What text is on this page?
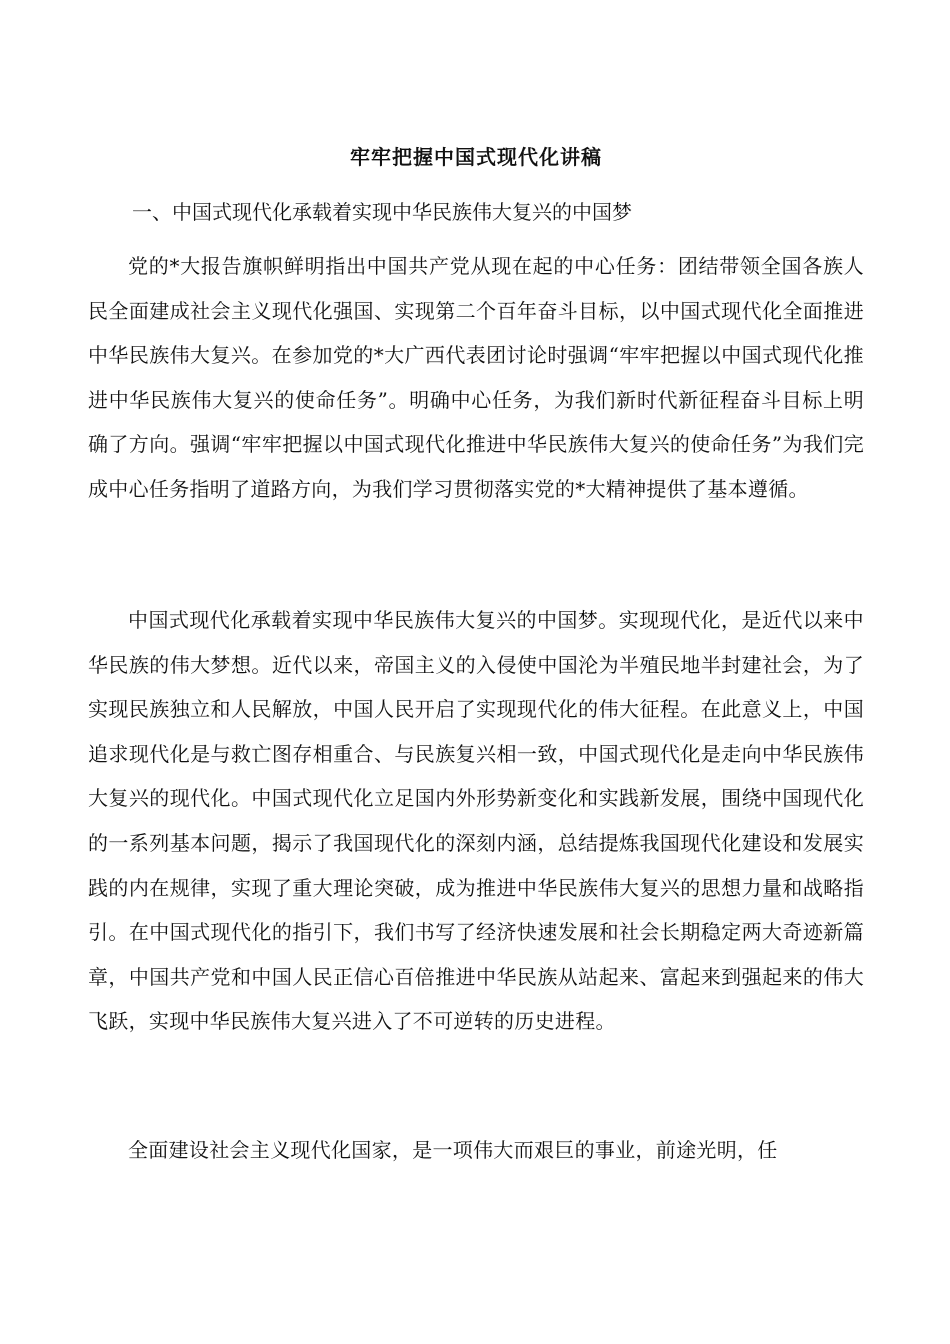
牢牢把握中国式现代化讲稿
一、中国式现代化承载着实现中华民族伟大复兴的中国梦

党的*大报告旗帜鲜明指出中国共产党从现在起的中心任务：团结带领全国各族人民全面建成社会主义现代化强国、实现第二个百年奋斗目标，以中国式现代化全面推进中华民族伟大复兴。在参加党的*大广西代表团讨论时强调“牢牢把握以中国式现代化推进中华民族伟大复兴的使命任务”。明确中心任务，为我们新时代新征程奋斗目标上明确了方向。强调“牢牢把握以中国式现代化推进中华民族伟大复兴的使命任务”为我们完成中心任务指明了道路方向，为我们学习贯彻落实党的*大精神提供了基本遵循。

中国式现代化承载着实现中华民族伟大复兴的中国梦。实现现代化，是近代以来中华民族的伟大梦想。近代以来，帝国主义的入侵使中国沦为半殖民地半封建社会，为了实现民族独立和人民解放，中国人民开启了实现现代化的伟大征程。在此意义上，中国追求现代化是与救亡图存相重合、与民族复兴相一致，中国式现代化是走向中华民族伟大复兴的现代化。中国式现代化立足国内外形势新变化和实践新发展，围绕中国现代化的一系列基本问题，揭示了我国现代化的深刻内涵，总结提炼我国现代化建设和发展实践的内在规律，实现了重大理论突破，成为推进中华民族伟大复兴的思想力量和战略指引。在中国式现代化的指引下，我们书写了经济快速发展和社会长期稳定两大奇迹新篇章，中国共产党和中国人民正信心百倍推进中华民族从站起来、富起来到强起来的伟大飞跃，实现中华民族伟大复兴进入了不可逆转的历史进程。

全面建设社会主义现代化国家，是一项伟大而艰巨的事业，前途光明，任
